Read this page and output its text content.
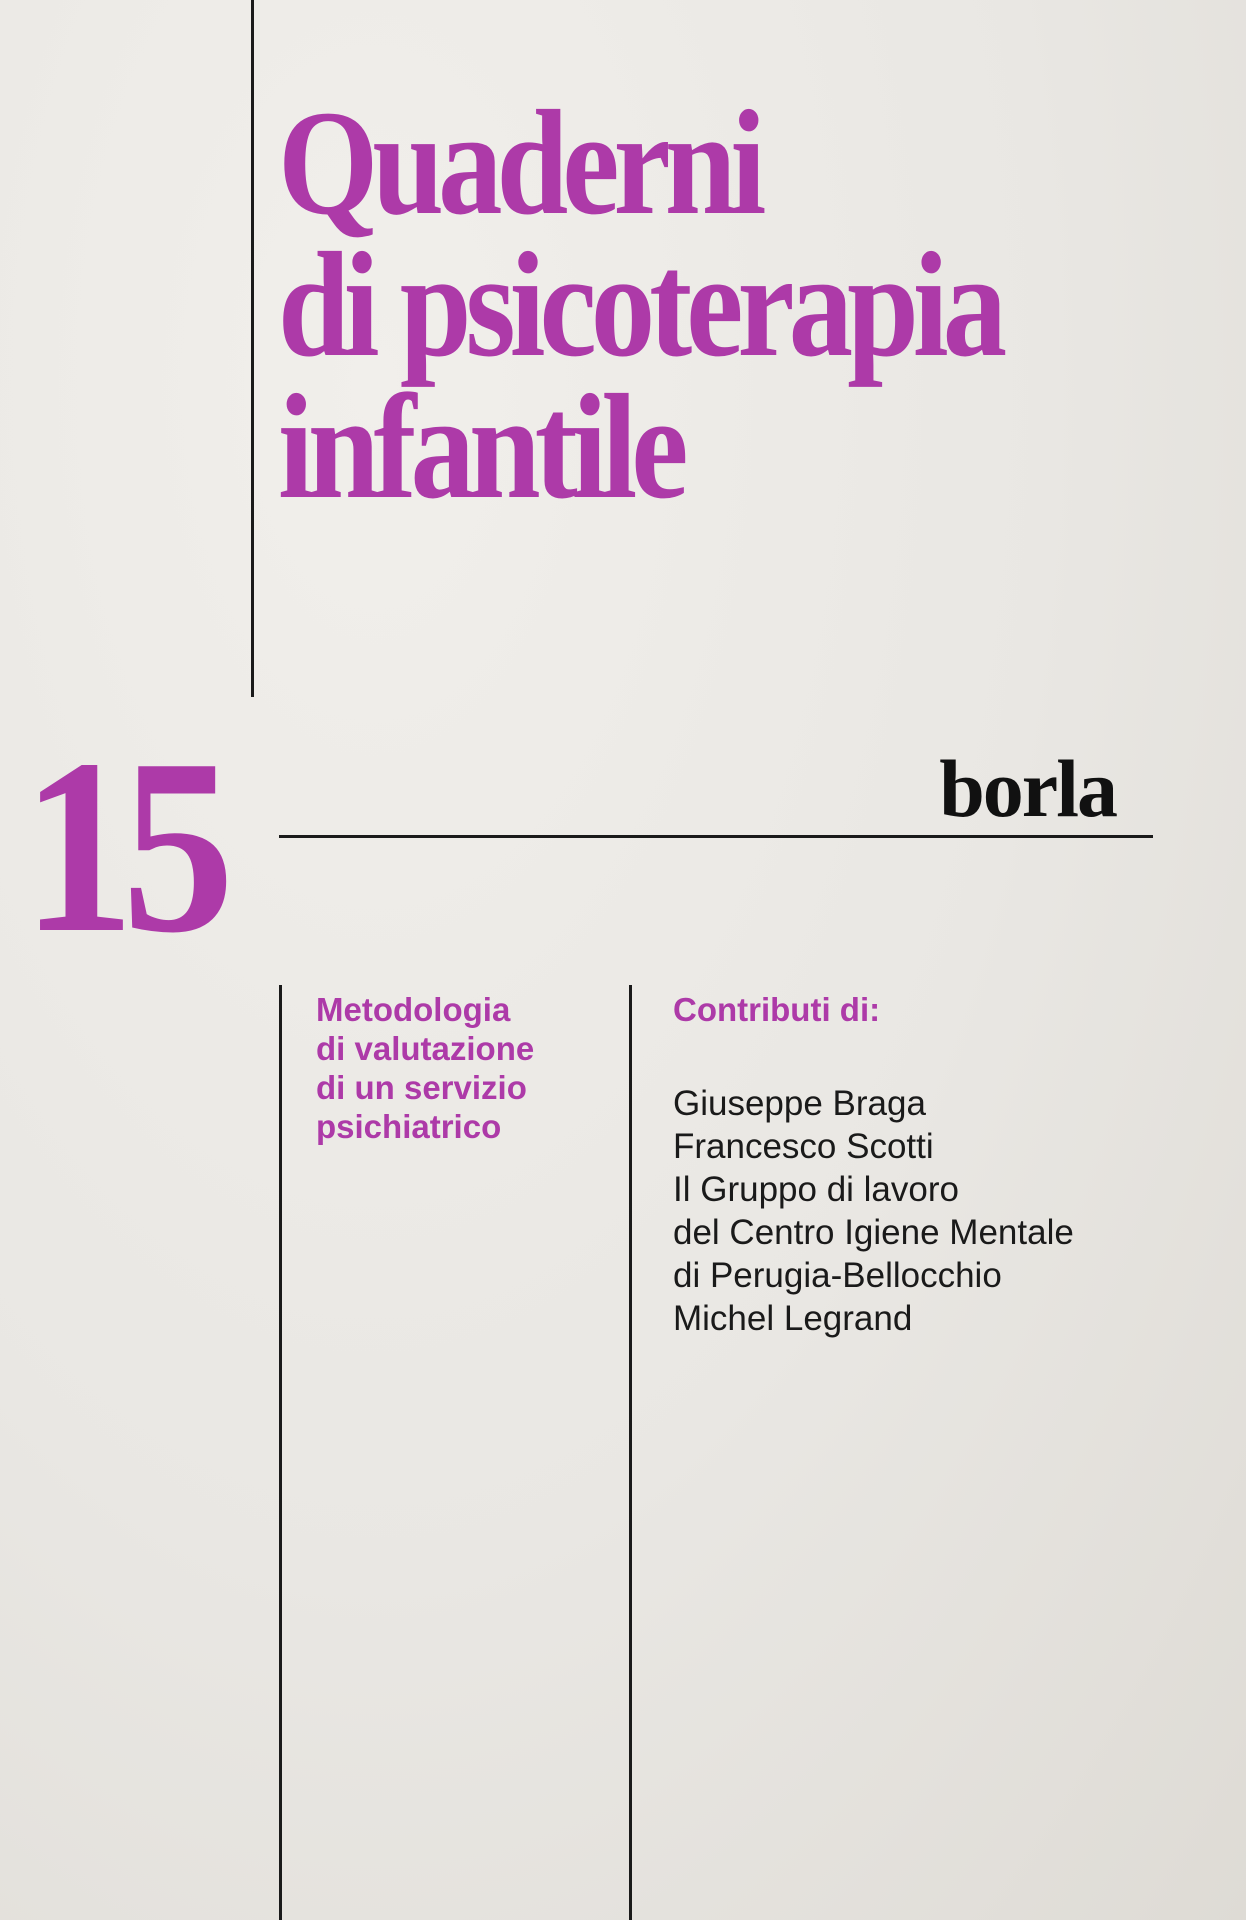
Quaderni
di psicoterapia
infantile
15	borla
Metodologia
di valutazione
di un servizio
psichiatrico
Contributi di:
Giuseppe Braga
Francesco Scotti
Il Gruppo di lavoro
del Centro Igiene Mentale
di Perugia-Bellocchio
Michel Legrand
